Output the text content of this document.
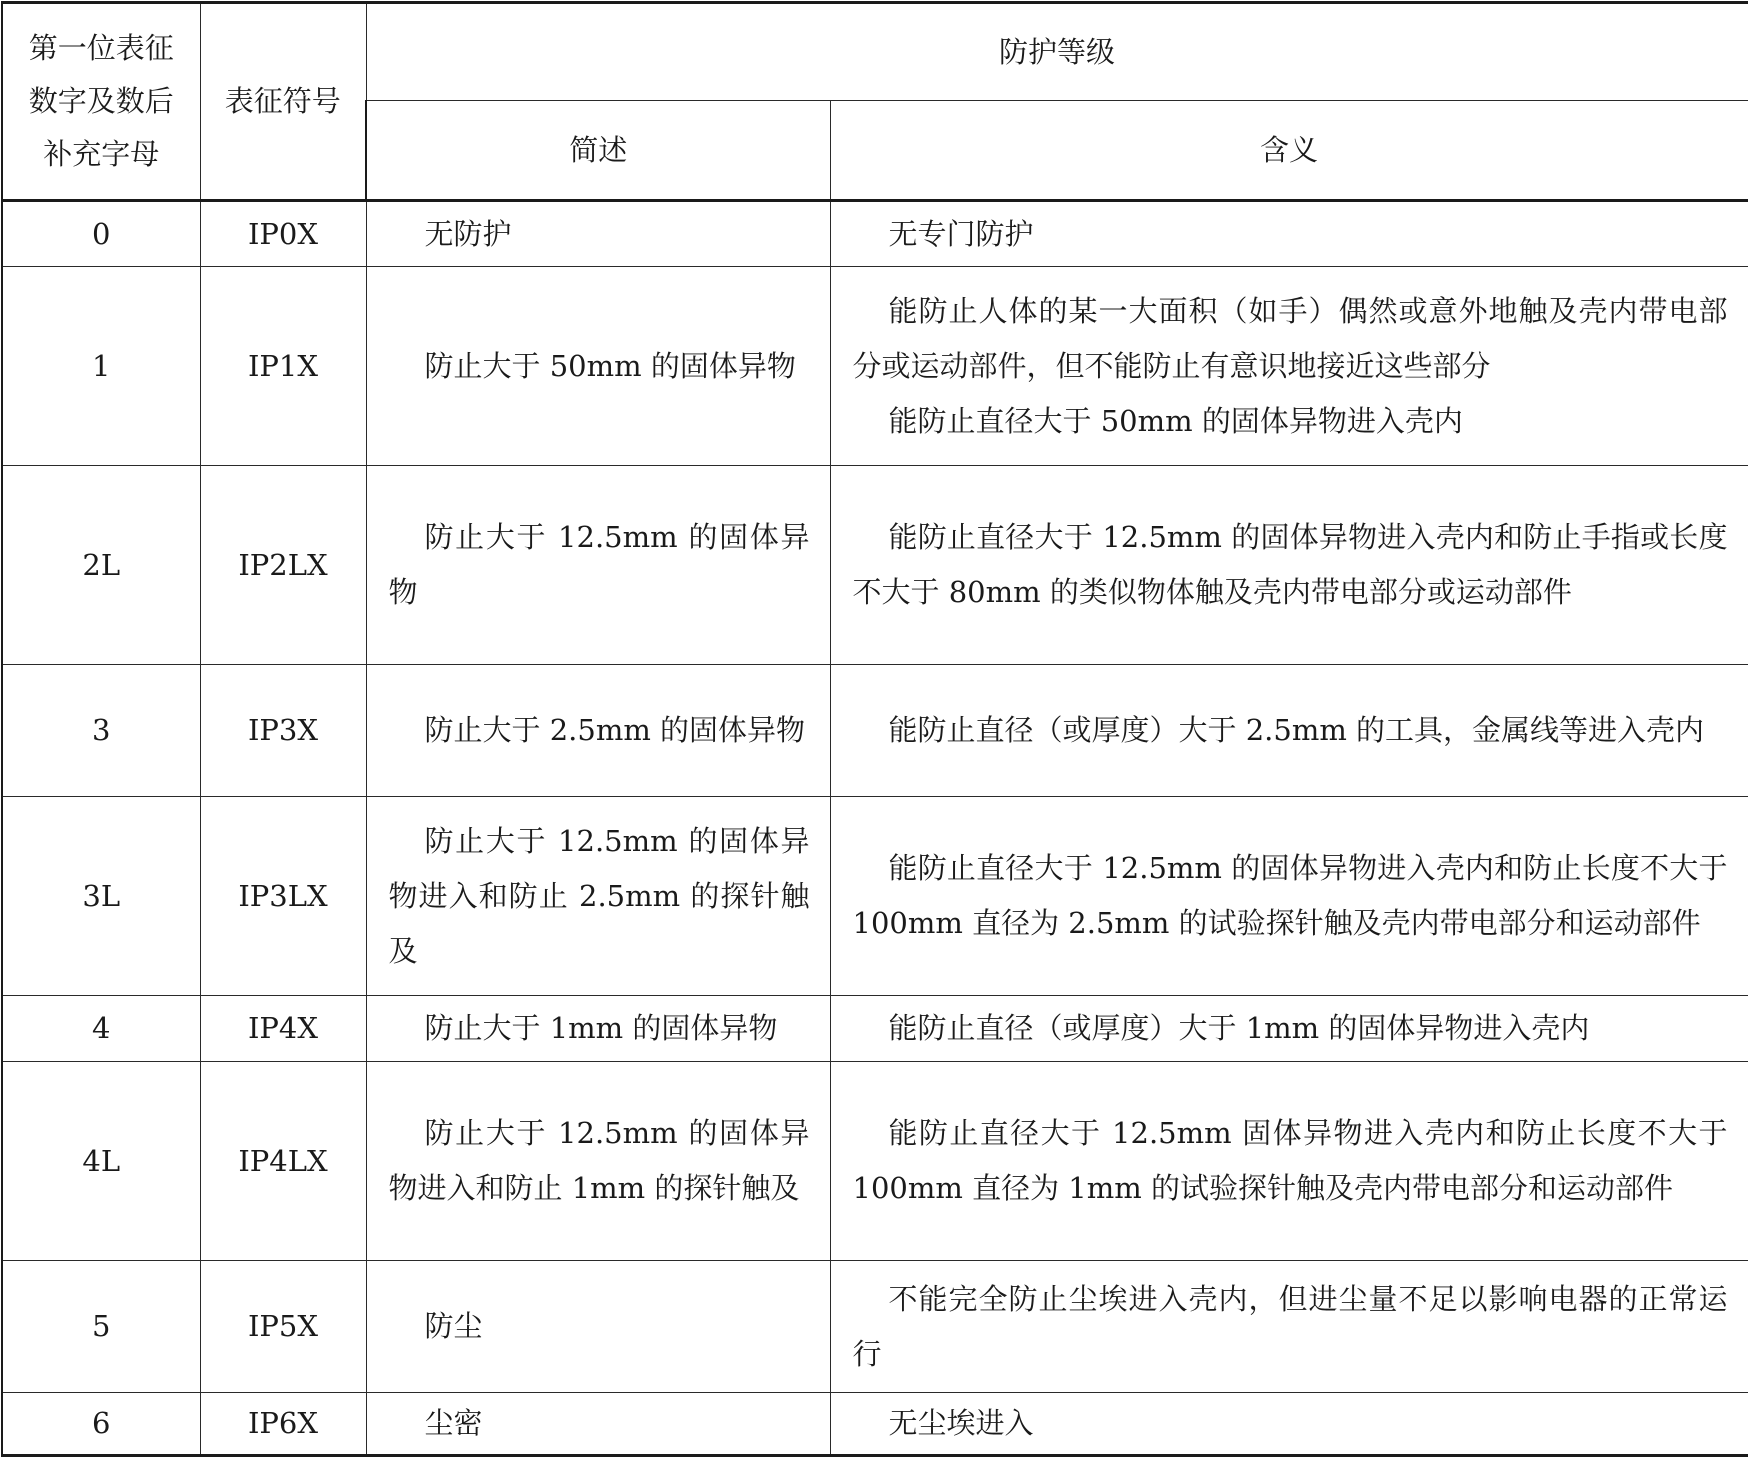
第一位表征
数字及数后
补充字母	表征符号	防护等级	
		简述	含义
0	IP0X	无防护	无专门防护

1	IP1X	防止大于 50mm 的固体异物	能防止人体的某一大面积（如手）偶然或意外地触及壳内带电部分或运动部件，但不能防止有意识地接近这些部分
能防止直径大于 50mm 的固体异物进入壳内

2L	IP2LX	防止大于 12.5mm 的固体异物	能防止直径大于 12.5mm 的固体异物进入壳内和防止手指或长度不大于 80mm 的类似物体触及壳内带电部分或运动部件

3	IP3X	防止大于 2.5mm 的固体异物	能防止直径（或厚度）大于 2.5mm 的工具，金属线等进入壳内

3L	IP3LX	防止大于 12.5mm 的固体异物进入和防止 2.5mm 的探针触及	能防止直径大于 12.5mm 的固体异物进入壳内和防止长度不大于 100mm 直径为 2.5mm 的试验探针触及壳内带电部分和运动部件

4	IP4X	防止大于 1mm 的固体异物	能防止直径（或厚度）大于 1mm 的固体异物进入壳内

4L	IP4LX	防止大于 12.5mm 的固体异物进入和防止 1mm 的探针触及	能防止直径大于 12.5mm 固体异物进入壳内和防止长度不大于 100mm 直径为 1mm 的试验探针触及壳内带电部分和运动部件

5	IP5X	防尘	不能完全防止尘埃进入壳内，但进尘量不足以影响电器的正常运行

6	IP6X	尘密	无尘埃进入
